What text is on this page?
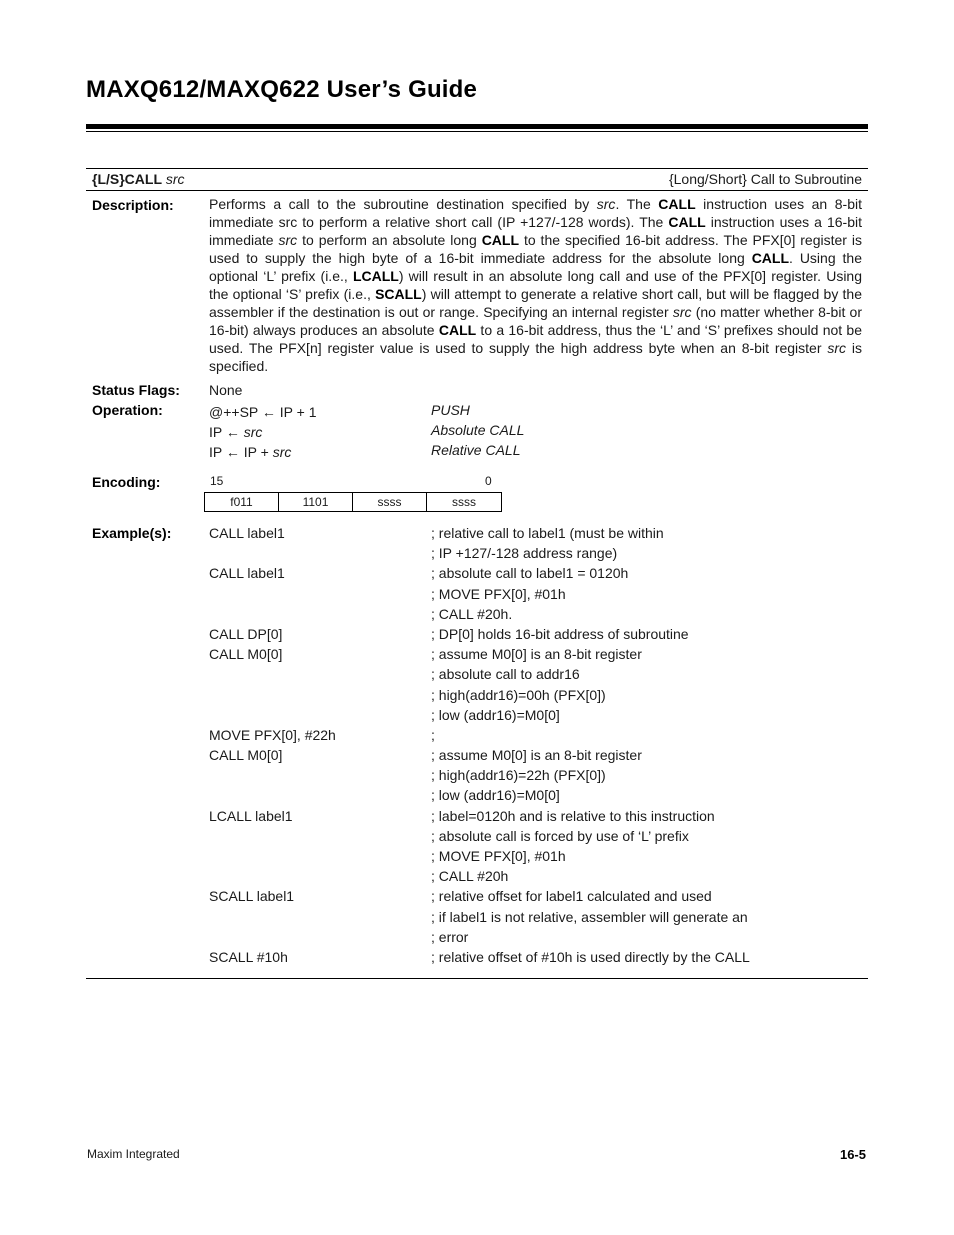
MAXQ612/MAXQ622 User’s Guide
{L/S}CALL src	{Long/Short} Call to Subroutine
Description:	Performs a call to the subroutine destination specified by src. The CALL instruction uses an 8-bit immediate src to perform a relative short call (IP +127/-128 words). The CALL instruction uses a 16-bit immediate src to perform an absolute long CALL to the specified 16-bit address. The PFX[0] register is used to supply the high byte of a 16-bit immediate address for the absolute long CALL. Using the optional ‘L’ prefix (i.e., LCALL) will result in an absolute long call and use of the PFX[0] register. Using the optional ‘S’ prefix (i.e., SCALL) will attempt to generate a relative short call, but will be flagged by the assembler if the destination is out or range. Specifying an internal register src (no matter whether 8-bit or 16-bit) always produces an absolute CALL to a 16-bit address, thus the ‘L’ and ‘S’ prefixes should not be used. The PFX[n] register value is used to supply the high address byte when an 8-bit register src is specified.

Status Flags: None
Operation:	@++SP ← IP + 1	PUSH
IP ← src	Absolute CALL
IP ← IP + src	Relative CALL
Encoding:	15	0
f011	1101	ssss	ssss
Example(s):	CALL label1	; relative call to label1 (must be within
; IP +127/-128 address range)
CALL label1	; absolute call to label1 = 0120h
; MOVE PFX[0], #01h
; CALL #20h.
CALL DP[0]	; DP[0] holds 16-bit address of subroutine
CALL M0[0]	; assume M0[0] is an 8-bit register
; absolute call to addr16
; high(addr16)=00h (PFX[0])
; low (addr16)=M0[0]
MOVE PFX[0], #22h	;
CALL M0[0]	; assume M0[0] is an 8-bit register
; high(addr16)=22h (PFX[0])
; low (addr16)=M0[0]
LCALL label1	; label=0120h and is relative to this instruction
; absolute call is forced by use of ‘L’ prefix
; MOVE PFX[0], #01h
; CALL #20h
SCALL label1	; relative offset for label1 calculated and used
; if label1 is not relative, assembler will generate an
; error
SCALL #10h	; relative offset of #10h is used directly by the CALL
Maxim Integrated	16-5
